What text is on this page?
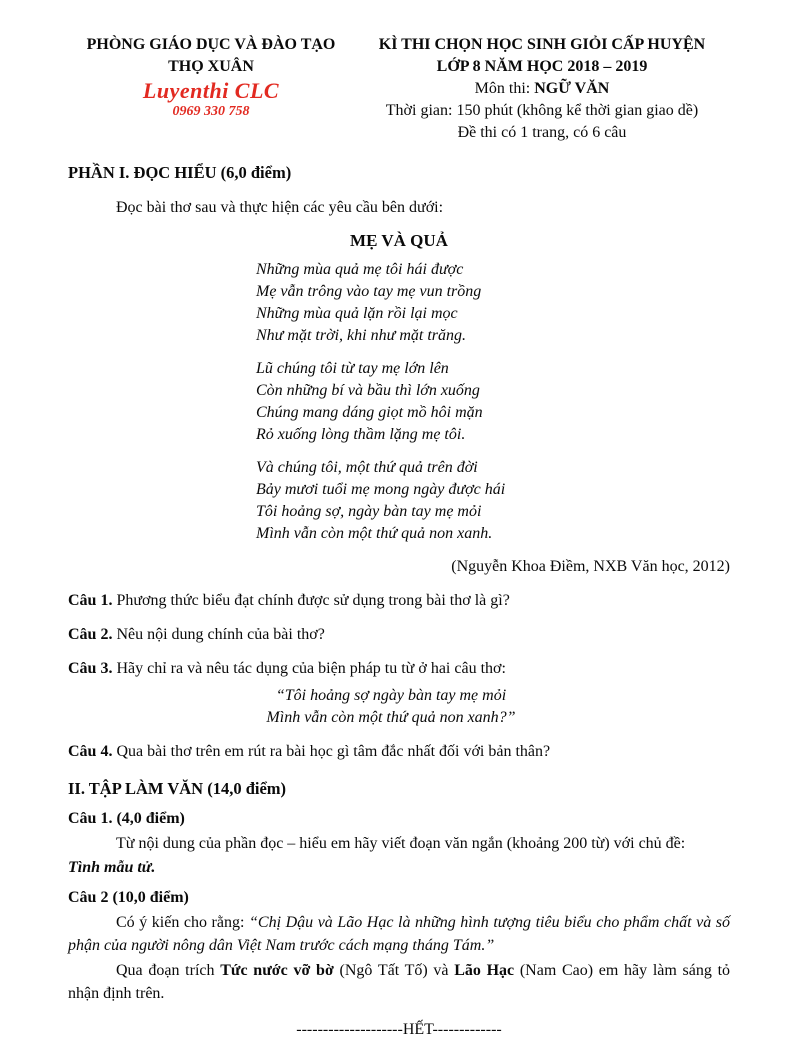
PHÒNG GIÁO DỤC VÀ ĐÀO TẠO
THỌ XUÂN
Luyenthi CLC
0969 330 758
KÌ THI CHỌN HỌC SINH GIỎI CẤP HUYỆN
LỚP 8 NĂM HỌC 2018 – 2019
Môn thi: NGỮ VĂN
Thời gian: 150 phút (không kể thời gian giao dề)
Đề thi có 1 trang, có 6 câu
PHẦN I. ĐỌC HIỂU (6,0 điểm)

Đọc bài thơ sau và thực hiện các yêu cầu bên dưới:

MẸ VÀ QUẢ
Những mùa quả mẹ tôi hái được
Mẹ vẫn trông vào tay mẹ vun trồng
Những mùa quả lặn rồi lại mọc
Như mặt trời, khi như mặt trăng.
Lũ chúng tôi từ tay mẹ lớn lên
Còn những bí và bầu thì lớn xuống
Chúng mang dáng giọt mồ hôi mặn
Rỏ xuống lòng thầm lặng mẹ tôi.
Và chúng tôi, một thứ quả trên đời
Bảy mươi tuổi mẹ mong ngày được hái
Tôi hoảng sợ, ngày bàn tay mẹ mỏi
Mình vẫn còn một thứ quả non xanh.
(Nguyễn Khoa Điềm, NXB Văn học, 2012)

Câu 1. Phương thức biểu đạt chính được sử dụng trong bài thơ là gì?

Câu 2. Nêu nội dung chính của bài thơ?

Câu 3. Hãy chỉ ra và nêu tác dụng của biện pháp tu từ ở hai câu thơ:

“Tôi hoảng sợ ngày bàn tay mẹ mỏi
Mình vẫn còn một thứ quả non xanh?”

Câu 4. Qua bài thơ trên em rút ra bài học gì tâm đắc nhất đối với bản thân?

II. TẬP LÀM VĂN (14,0 điểm)
Câu 1. (4,0 điểm)

Từ nội dung của phần đọc – hiểu em hãy viết đoạn văn ngắn (khoảng 200 từ) với chủ đề:

Tình mẫu tử.
Câu 2 (10,0 điểm)

Có ý kiến cho rằng: “Chị Dậu và Lão Hạc là những hình tượng tiêu biểu cho phẩm chất và số phận của người nông dân Việt Nam trước cách mạng tháng Tám.”

Qua đoạn trích Tức nước vỡ bờ (Ngô Tất Tố) và Lão Hạc (Nam Cao) em hãy làm sáng tỏ nhận định trên.

--------------------HẾT-------------
